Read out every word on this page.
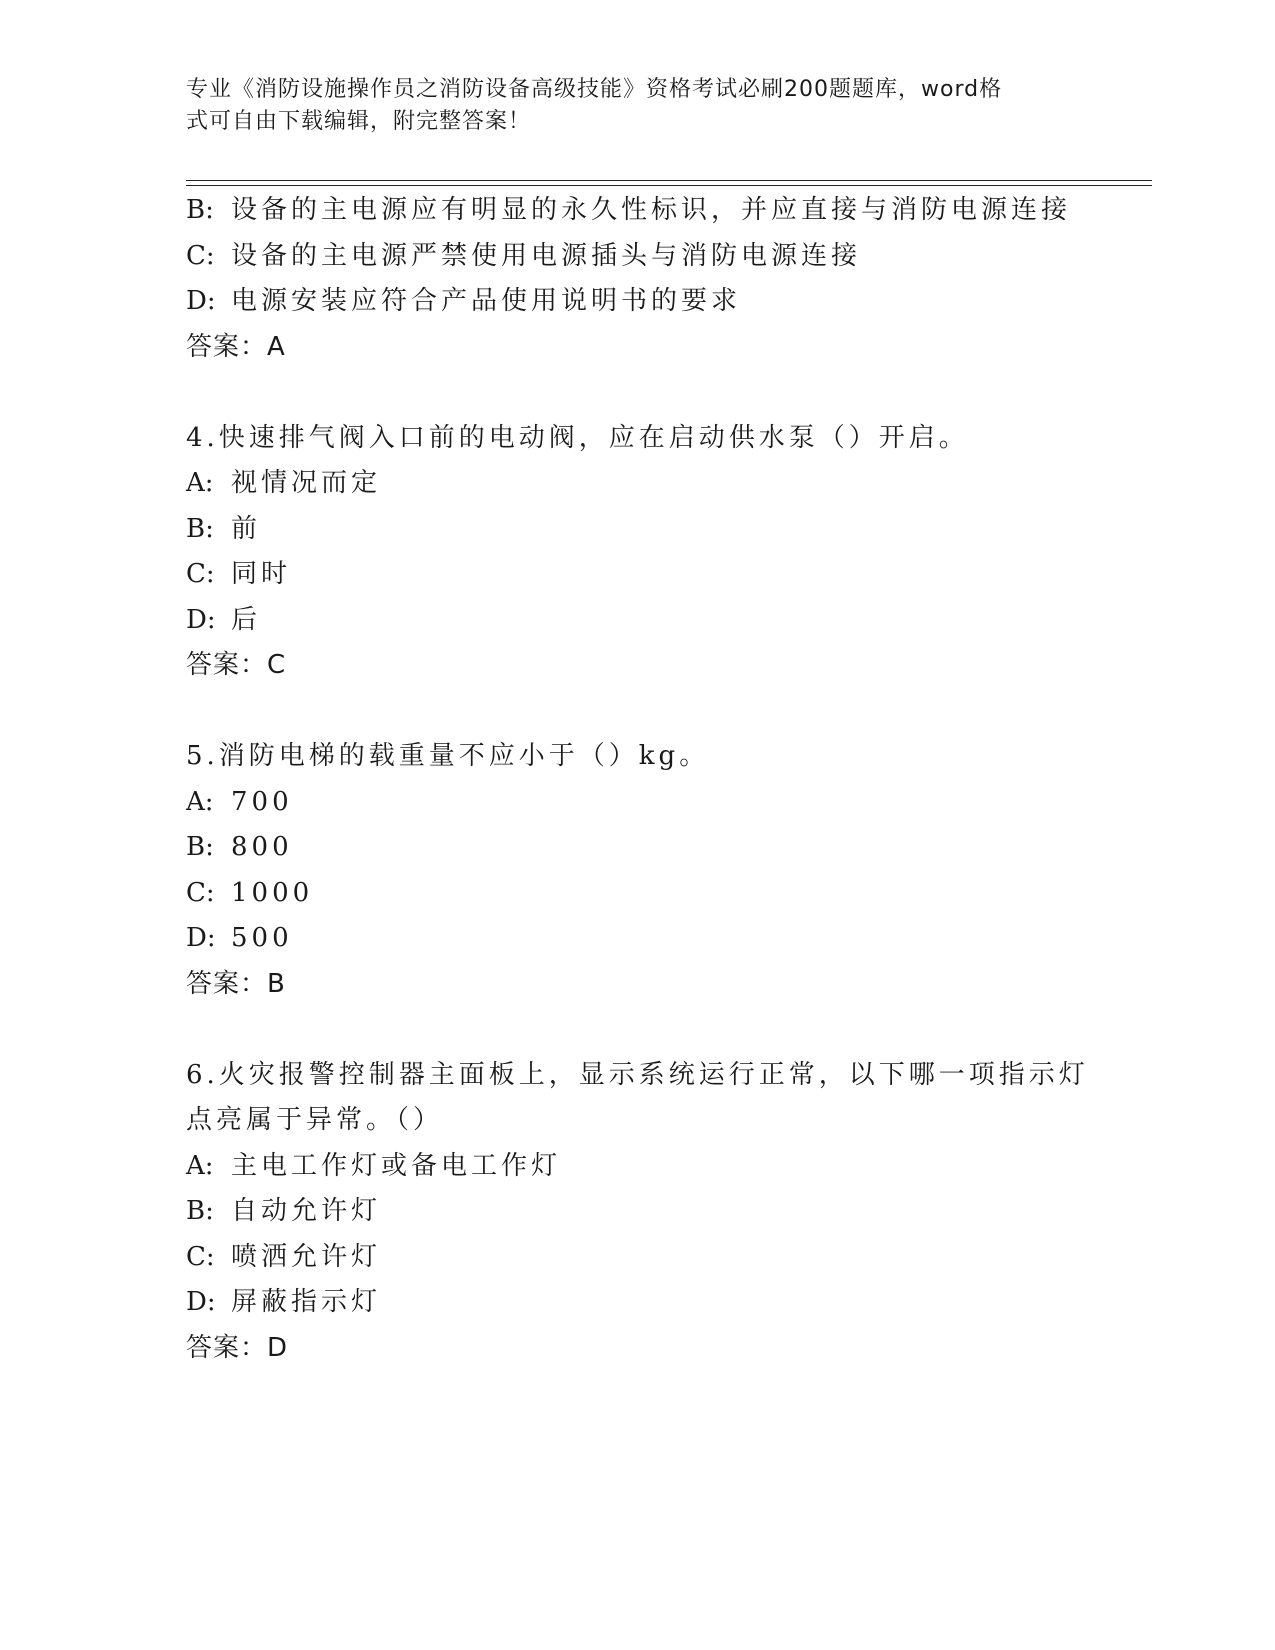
专业《消防设施操作员之消防设备高级技能》资格考试必刷200题题库，word格
式可自由下载编辑，附完整答案！
B: 设备的主电源应有明显的永久性标识，并应直接与消防电源连接
C: 设备的主电源严禁使用电源插头与消防电源连接
D: 电源安装应符合产品使用说明书的要求
答案：A
4.快速排气阀入口前的电动阀，应在启动供水泵（）开启。
A: 视情况而定
B: 前
C: 同时
D: 后
答案：C
5.消防电梯的载重量不应小于（）kg。
A: 700
B: 800
C: 1000
D: 500
答案：B
6.火灾报警控制器主面板上，显示系统运行正常，以下哪一项指示灯
点亮属于异常。（）
A: 主电工作灯或备电工作灯
B: 自动允许灯
C: 喷洒允许灯
D: 屏蔽指示灯
答案：D
